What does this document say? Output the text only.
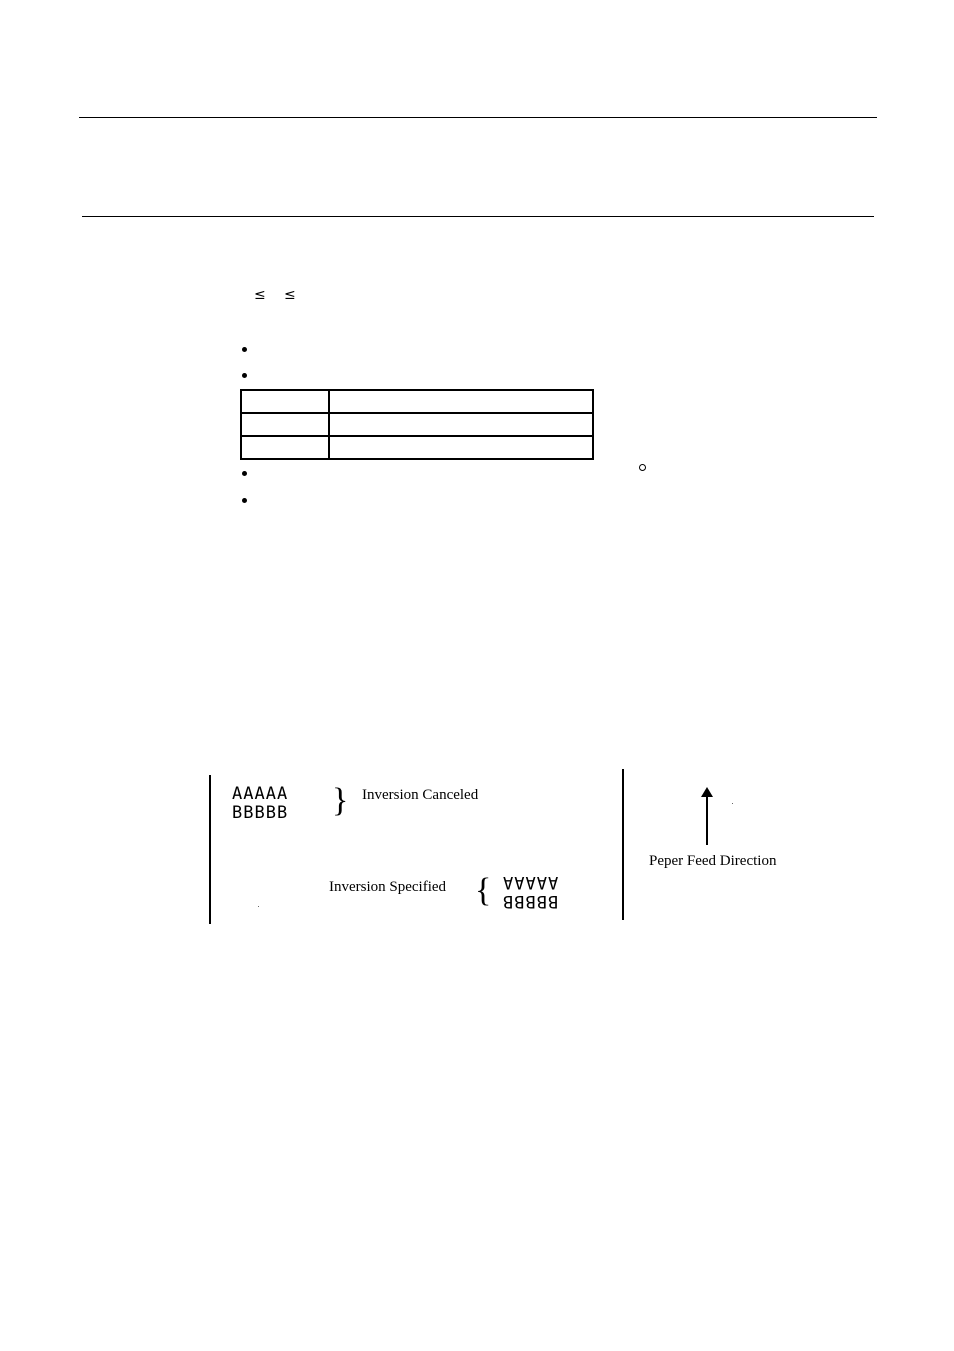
≤ ≤

AAAAA
BBBBB } Inversion Canceled
Inversion Specified { BBBBB
AAAAA
Peper Feed Direction
